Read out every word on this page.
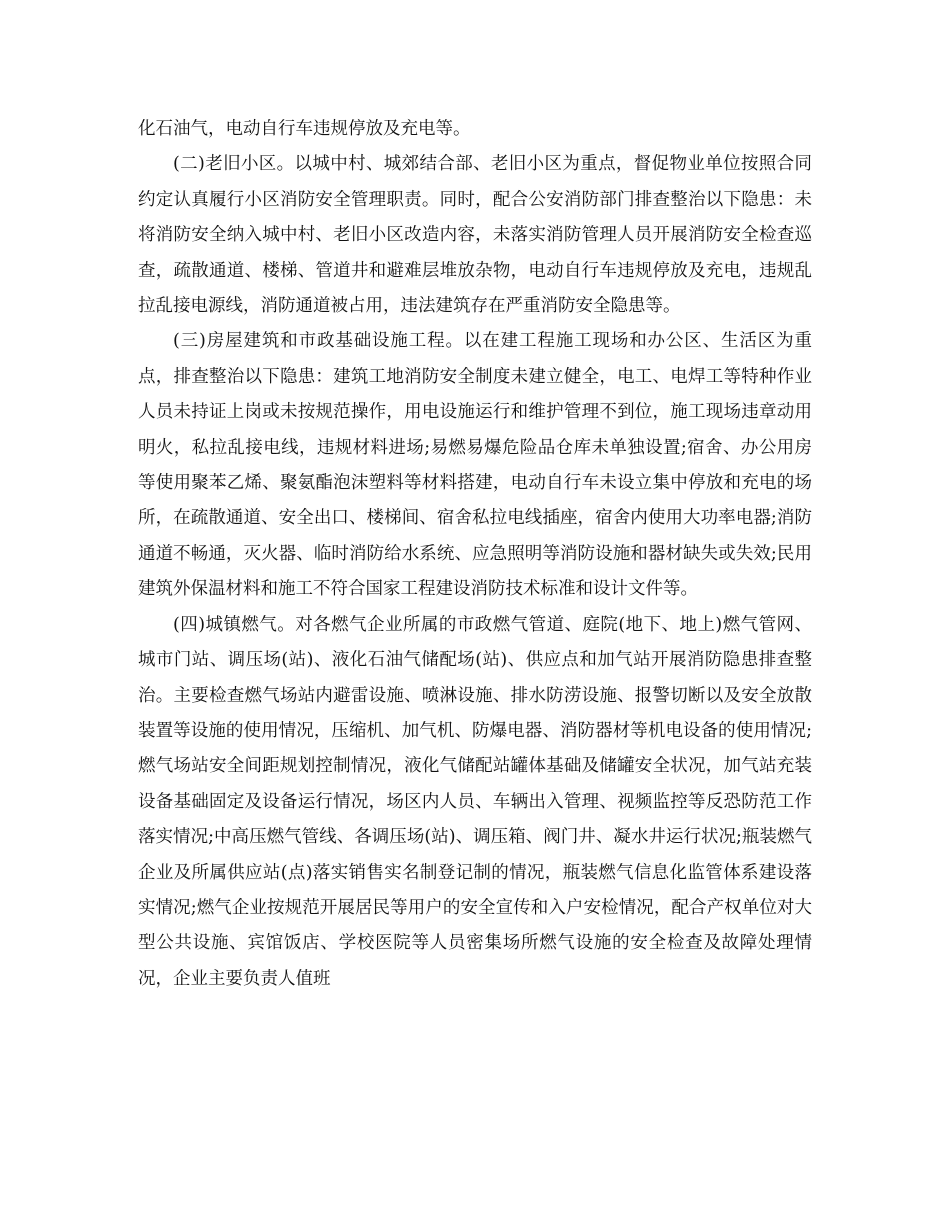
化石油气，电动自行车违规停放及充电等。

(二)老旧小区。以城中村、城郊结合部、老旧小区为重点，督促物业单位按照合同约定认真履行小区消防安全管理职责。同时，配合公安消防部门排查整治以下隐患：未将消防安全纳入城中村、老旧小区改造内容，未落实消防管理人员开展消防安全检查巡查，疏散通道、楼梯、管道井和避难层堆放杂物，电动自行车违规停放及充电，违规乱拉乱接电源线，消防通道被占用，违法建筑存在严重消防安全隐患等。

(三)房屋建筑和市政基础设施工程。以在建工程施工现场和办公区、生活区为重点，排查整治以下隐患：建筑工地消防安全制度未建立健全，电工、电焊工等特种作业人员未持证上岗或未按规范操作，用电设施运行和维护管理不到位，施工现场违章动用明火，私拉乱接电线，违规材料进场;易燃易爆危险品仓库未单独设置;宿舍、办公用房等使用聚苯乙烯、聚氨酯泡沫塑料等材料搭建，电动自行车未设立集中停放和充电的场所，在疏散通道、安全出口、楼梯间、宿舍私拉电线插座，宿舍内使用大功率电器;消防通道不畅通，灭火器、临时消防给水系统、应急照明等消防设施和器材缺失或失效;民用建筑外保温材料和施工不符合国家工程建设消防技术标准和设计文件等。

(四)城镇燃气。对各燃气企业所属的市政燃气管道、庭院(地下、地上)燃气管网、城市门站、调压场(站)、液化石油气储配场(站)、供应点和加气站开展消防隐患排查整治。主要检查燃气场站内避雷设施、喷淋设施、排水防涝设施、报警切断以及安全放散装置等设施的使用情况，压缩机、加气机、防爆电器、消防器材等机电设备的使用情况;燃气场站安全间距规划控制情况，液化气储配站罐体基础及储罐安全状况，加气站充装设备基础固定及设备运行情况，场区内人员、车辆出入管理、视频监控等反恐防范工作落实情况;中高压燃气管线、各调压场(站)、调压箱、阀门井、凝水井运行状况;瓶装燃气企业及所属供应站(点)落实销售实名制登记制的情况，瓶装燃气信息化监管体系建设落实情况;燃气企业按规范开展居民等用户的安全宣传和入户安检情况，配合产权单位对大型公共设施、宾馆饭店、学校医院等人员密集场所燃气设施的安全检查及故障处理情况，企业主要负责人值班
